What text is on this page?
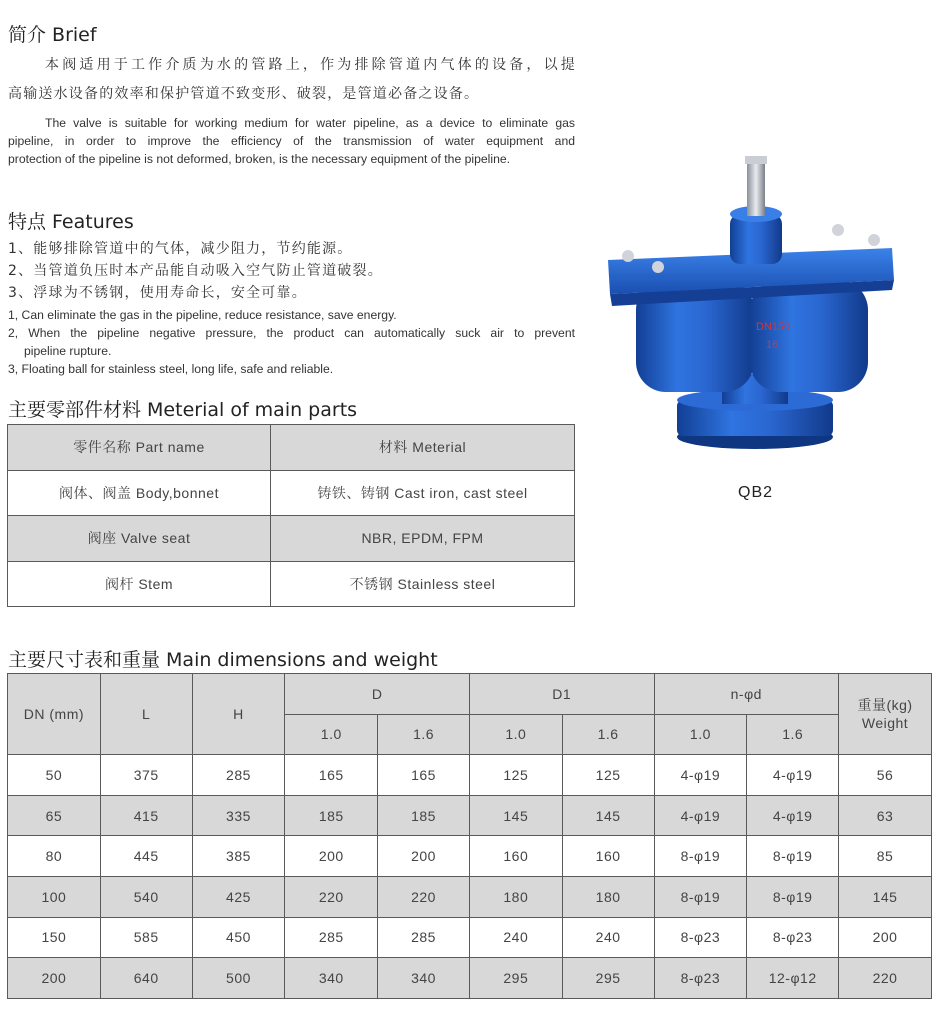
简介 Brief
本阀适用于工作介质为水的管路上，作为排除管道内气体的设备，以提
高输送水设备的效率和保护管道不致变形、破裂，是管道必备之设备。
The valve is suitable for working medium for water pipeline, as a device to eliminate gas
pipeline, in order to improve the efficiency of the transmission of water equipment and
protection of the pipeline is not deformed, broken, is the necessary equipment of the pipeline.
特点 Features
1、能够排除管道中的气体，减少阻力，节约能源。
2、当管道负压时本产品能自动吸入空气防止管道破裂。
3、浮球为不锈钢，使用寿命长，安全可靠。
1, Can eliminate the gas in the pipeline, reduce resistance, save energy.
2, When the pipeline negative pressure, the product can automatically suck air to prevent
pipeline rupture.
3, Floating ball for stainless steel, long life, safe and reliable.
主要零部件材料 Meterial of main parts
零件名称 Part name	材料 Meterial
阀体、阀盖 Body,bonnet	铸铁、铸钢 Cast iron, cast steel
阀座 Valve seat	NBR, EPDM, FPM
阀杆 Stem	不锈钢 Stainless steel
DN150
16
QB2
主要尺寸表和重量 Main dimensions and weight
DN (mm)	L	H	D		D1		n-φd		重量(kg)
Weight

			1.0	1.6	1.0	1.6	1.0	1.6	
50	375	285	165	165	125	125	4-φ19	4-φ19	56
65	415	335	185	185	145	145	4-φ19	4-φ19	63
80	445	385	200	200	160	160	8-φ19	8-φ19	85
100	540	425	220	220	180	180	8-φ19	8-φ19	145
150	585	450	285	285	240	240	8-φ23	8-φ23	200
200	640	500	340	340	295	295	8-φ23	12-φ12	220
